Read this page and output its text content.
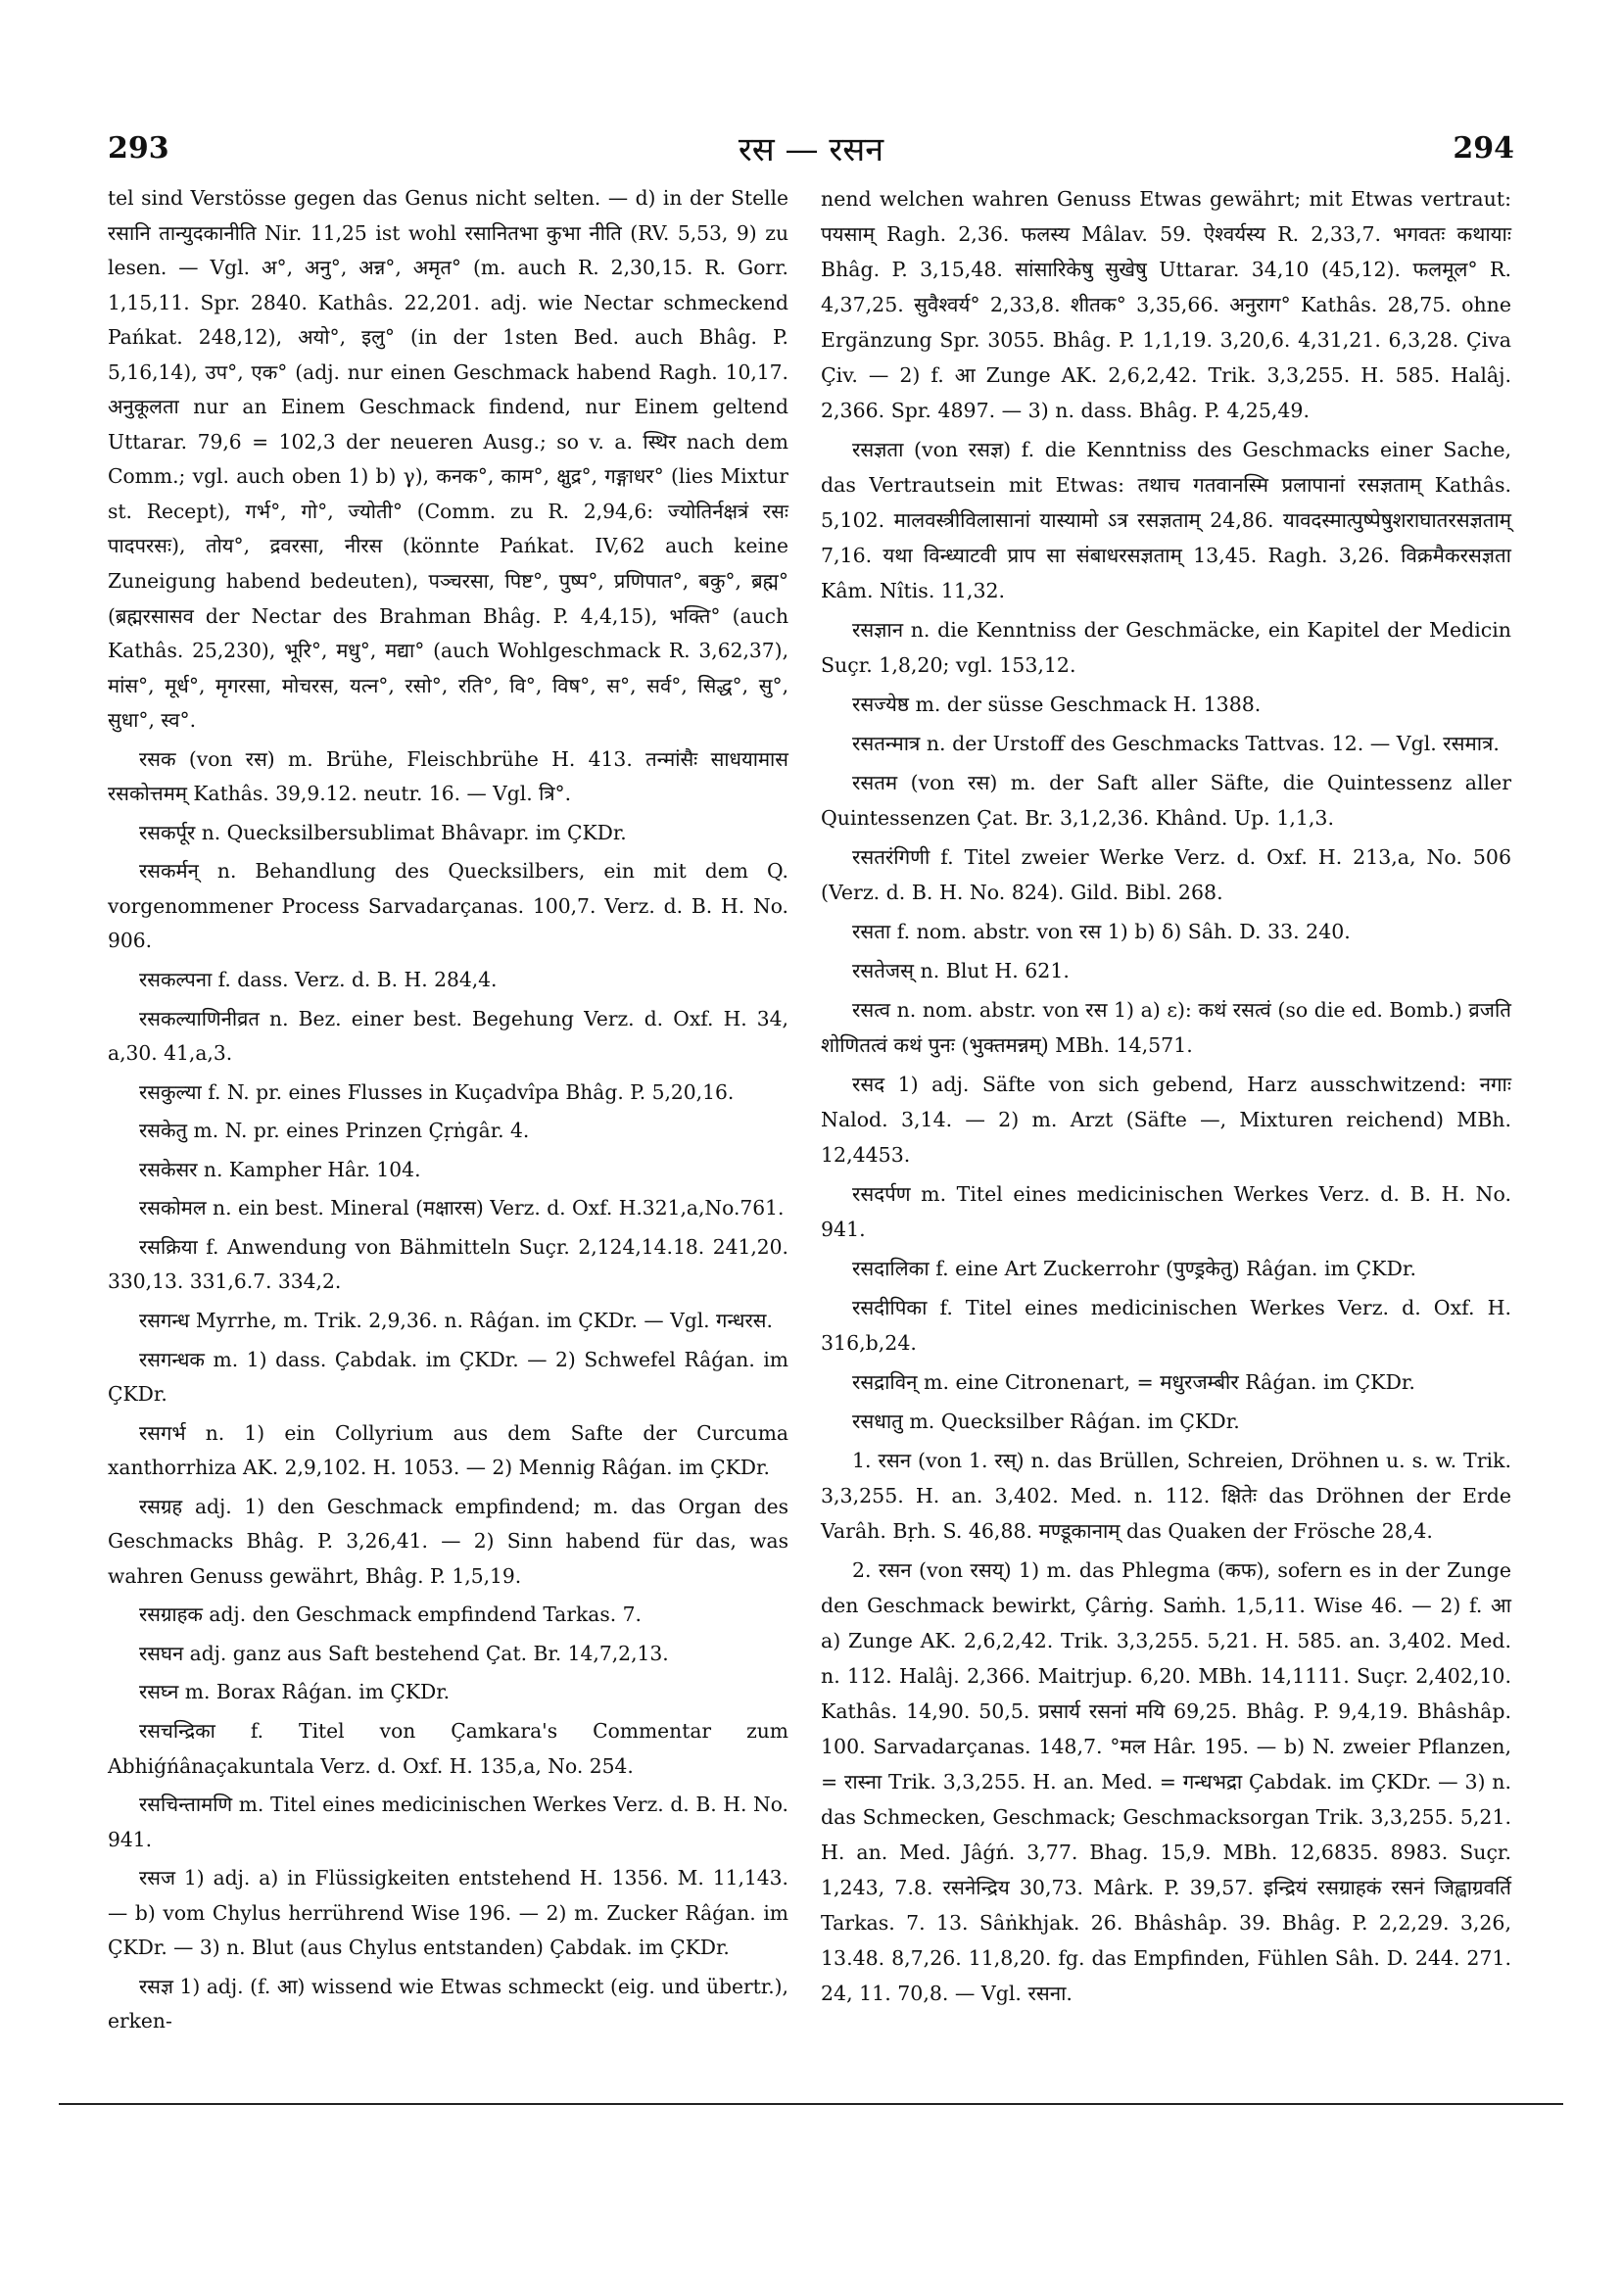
293	रस — रसन	294

tel sind Verstösse gegen das Genus nicht selten. — d) in der Stelle रसानि तान्युदकानीति Nir. 11,25 ist wohl रसानितभा कुभा नीति (RV. 5,53, 9) zu lesen. — Vgl. अ°, अनु°, अन्न°, अमृत° (m. auch R. 2,30,15. R. Gorr. 1,15,11. Spr. 2840. Kathâs. 22,201. adj. wie Nectar schmeckend Pańkat. 248,12), अयो°, इलु° (in der 1sten Bed. auch Bhâg. P. 5,16,14), उप°, एक° (adj. nur einen Geschmack habend Ragh. 10,17. अनुकूलता nur an Einem Geschmack findend, nur Einem geltend Uttarar. 79,6 = 102,3 der neueren Ausg.; so v. a. स्थिर nach dem Comm.; vgl. auch oben 1) b) γ), कनक°, काम°, क्षुद्र°, गङ्गाधर° (lies Mixtur st. Recept), गर्भ°, गो°, ज्योती° (Comm. zu R. 2,94,6: ज्योतिर्नक्षत्रं रसः पादपरसः), तोय°, द्रवरसा, नीरस (könnte Pańkat. IV,62 auch keine Zuneigung habend bedeuten), पञ्चरसा, पिष्ट°, पुष्प°, प्रणिपात°, बकु°, ब्रह्म° (ब्रह्मरसासव der Nectar des Brahman Bhâg. P. 4,4,15), भक्ति° (auch Kathâs. 25,230), भूरि°, मधु°, मद्या° (auch Wohlgeschmack R. 3,62,37), मांस°, मूर्ध°, मृगरसा, मोचरस, यत्न°, रसो°, रति°, वि°, विष°, स°, सर्व°, सिद्ध°, सु°, सुधा°, स्व°.

रसक (von रस) m. Brühe, Fleischbrühe H. 413. तन्मांसैः साधयामास रसकोत्तमम् Kathâs. 39,9.12. neutr. 16. — Vgl. त्रि°.

रसकर्पूर n. Quecksilbersublimat Bhâvapr. im ÇKDr.

रसकर्मन् n. Behandlung des Quecksilbers, ein mit dem Q. vorgenommener Process Sarvadarçanas. 100,7. Verz. d. B. H. No. 906.

रसकल्पना f. dass. Verz. d. B. H. 284,4.

रसकल्याणिनीव्रत n. Bez. einer best. Begehung Verz. d. Oxf. H. 34, a,30. 41,a,3.

रसकुल्या f. N. pr. eines Flusses in Kuçadvîpa Bhâg. P. 5,20,16.

रसकेतु m. N. pr. eines Prinzen Çṛṅgâr. 4.

रसकेसर n. Kampher Hâr. 104.

रसकोमल n. ein best. Mineral (मक्षारस) Verz. d. Oxf. H.321,a,No.761.

रसक्रिया f. Anwendung von Bähmitteln Suçr. 2,124,14.18. 241,20. 330,13. 331,6.7. 334,2.

रसगन्ध Myrrhe, m. Trik. 2,9,36. n. Râǵan. im ÇKDr. — Vgl. गन्धरस.

रसगन्धक m. 1) dass. Çabdak. im ÇKDr. — 2) Schwefel Râǵan. im ÇKDr.

रसगर्भ n. 1) ein Collyrium aus dem Safte der Curcuma xanthorrhiza AK. 2,9,102. H. 1053. — 2) Mennig Râǵan. im ÇKDr.

रसग्रह adj. 1) den Geschmack empfindend; m. das Organ des Geschmacks Bhâg. P. 3,26,41. — 2) Sinn habend für das, was wahren Genuss gewährt, Bhâg. P. 1,5,19.

रसग्राहक adj. den Geschmack empfindend Tarkas. 7.

रसघन adj. ganz aus Saft bestehend Çat. Br. 14,7,2,13.

रसघ्न m. Borax Râǵan. im ÇKDr.

रसचन्द्रिका f. Titel von Çamkara's Commentar zum Abhiǵńânaçakuntala Verz. d. Oxf. H. 135,a, No. 254.

रसचिन्तामणि m. Titel eines medicinischen Werkes Verz. d. B. H. No. 941.

रसज 1) adj. a) in Flüssigkeiten entstehend H. 1356. M. 11,143. — b) vom Chylus herrührend Wise 196. — 2) m. Zucker Râǵan. im ÇKDr. — 3) n. Blut (aus Chylus entstanden) Çabdak. im ÇKDr.

रसज्ञ 1) adj. (f. आ) wissend wie Etwas schmeckt (eig. und übertr.), erken-

nend welchen wahren Genuss Etwas gewährt; mit Etwas vertraut: पयसाम् Ragh. 2,36. फलस्य Mâlav. 59. ऐश्वर्यस्य R. 2,33,7. भगवतः कथायाः Bhâg. P. 3,15,48. सांसारिकेषु सुखेषु Uttarar. 34,10 (45,12). फलमूल° R. 4,37,25. सुवैश्वर्य° 2,33,8. शीतक° 3,35,66. अनुराग° Kathâs. 28,75. ohne Ergänzung Spr. 3055. Bhâg. P. 1,1,19. 3,20,6. 4,31,21. 6,3,28. Çiva Çiv. — 2) f. आ Zunge AK. 2,6,2,42. Trik. 3,3,255. H. 585. Halâj. 2,366. Spr. 4897. — 3) n. dass. Bhâg. P. 4,25,49.

रसज्ञता (von रसज्ञ) f. die Kenntniss des Geschmacks einer Sache, das Vertrautsein mit Etwas: तथाच गतवानस्मि प्रलापानां रसज्ञताम् Kathâs. 5,102. मालवस्त्रीविलासानां यास्यामो ऽत्र रसज्ञताम् 24,86. यावदस्मात्पुष्पेषुशराघातरसज्ञताम् 7,16. यथा विन्ध्याटवी प्राप सा संबाधरसज्ञताम् 13,45. Ragh. 3,26. विक्रमैकरसज्ञता Kâm. Nîtis. 11,32.

रसज्ञान n. die Kenntniss der Geschmäcke, ein Kapitel der Medicin Suçr. 1,8,20; vgl. 153,12.

रसज्येष्ठ m. der süsse Geschmack H. 1388.

रसतन्मात्र n. der Urstoff des Geschmacks Tattvas. 12. — Vgl. रसमात्र.

रसतम (von रस) m. der Saft aller Säfte, die Quintessenz aller Quintessenzen Çat. Br. 3,1,2,36. Khând. Up. 1,1,3.

रसतरंगिणी f. Titel zweier Werke Verz. d. Oxf. H. 213,a, No. 506 (Verz. d. B. H. No. 824). Gild. Bibl. 268.

रसता f. nom. abstr. von रस 1) b) δ) Sâh. D. 33. 240.

रसतेजस् n. Blut H. 621.

रसत्व n. nom. abstr. von रस 1) a) ε): कथं रसत्वं (so die ed. Bomb.) व्रजति शोणितत्वं कथं पुनः (भुक्तमन्नम्) MBh. 14,571.

रसद 1) adj. Säfte von sich gebend, Harz ausschwitzend: नगाः Nalod. 3,14. — 2) m. Arzt (Säfte —, Mixturen reichend) MBh. 12,4453.

रसदर्पण m. Titel eines medicinischen Werkes Verz. d. B. H. No. 941.

रसदालिका f. eine Art Zuckerrohr (पुण्ड्रकेतु) Râǵan. im ÇKDr.

रसदीपिका f. Titel eines medicinischen Werkes Verz. d. Oxf. H. 316,b,24.

रसद्राविन् m. eine Citronenart, = मधुरजम्बीर Râǵan. im ÇKDr.

रसधातु m. Quecksilber Râǵan. im ÇKDr.

1. रसन (von 1. रस्) n. das Brüllen, Schreien, Dröhnen u. s. w. Trik. 3,3,255. H. an. 3,402. Med. n. 112. क्षितेः das Dröhnen der Erde Varâh. Bṛh. S. 46,88. मण्डूकानाम् das Quaken der Frösche 28,4.

2. रसन (von रसय्) 1) m. das Phlegma (कफ), sofern es in der Zunge den Geschmack bewirkt, Çârṅg. Saṁh. 1,5,11. Wise 46. — 2) f. आ a) Zunge AK. 2,6,2,42. Trik. 3,3,255. 5,21. H. 585. an. 3,402. Med. n. 112. Halâj. 2,366. Maitrjup. 6,20. MBh. 14,1111. Suçr. 2,402,10. Kathâs. 14,90. 50,5. प्रसार्य रसनां मयि 69,25. Bhâg. P. 9,4,19. Bhâshâp. 100. Sarvadarçanas. 148,7. °मल Hâr. 195. — b) N. zweier Pflanzen, = रास्ना Trik. 3,3,255. H. an. Med. = गन्धभद्रा Çabdak. im ÇKDr. — 3) n. das Schmecken, Geschmack; Geschmacksorgan Trik. 3,3,255. 5,21. H. an. Med. Jâǵń. 3,77. Bhag. 15,9. MBh. 12,6835. 8983. Suçr. 1,243, 7.8. रसनेन्द्रिय 30,73. Mârk. P. 39,57. इन्द्रियं रसग्राहकं रसनं जिह्वाग्रवर्ति Tarkas. 7. 13. Sâṅkhjak. 26. Bhâshâp. 39. Bhâg. P. 2,2,29. 3,26, 13.48. 8,7,26. 11,8,20. fg. das Empfinden, Fühlen Sâh. D. 244. 271. 24, 11. 70,8. — Vgl. रसना.
